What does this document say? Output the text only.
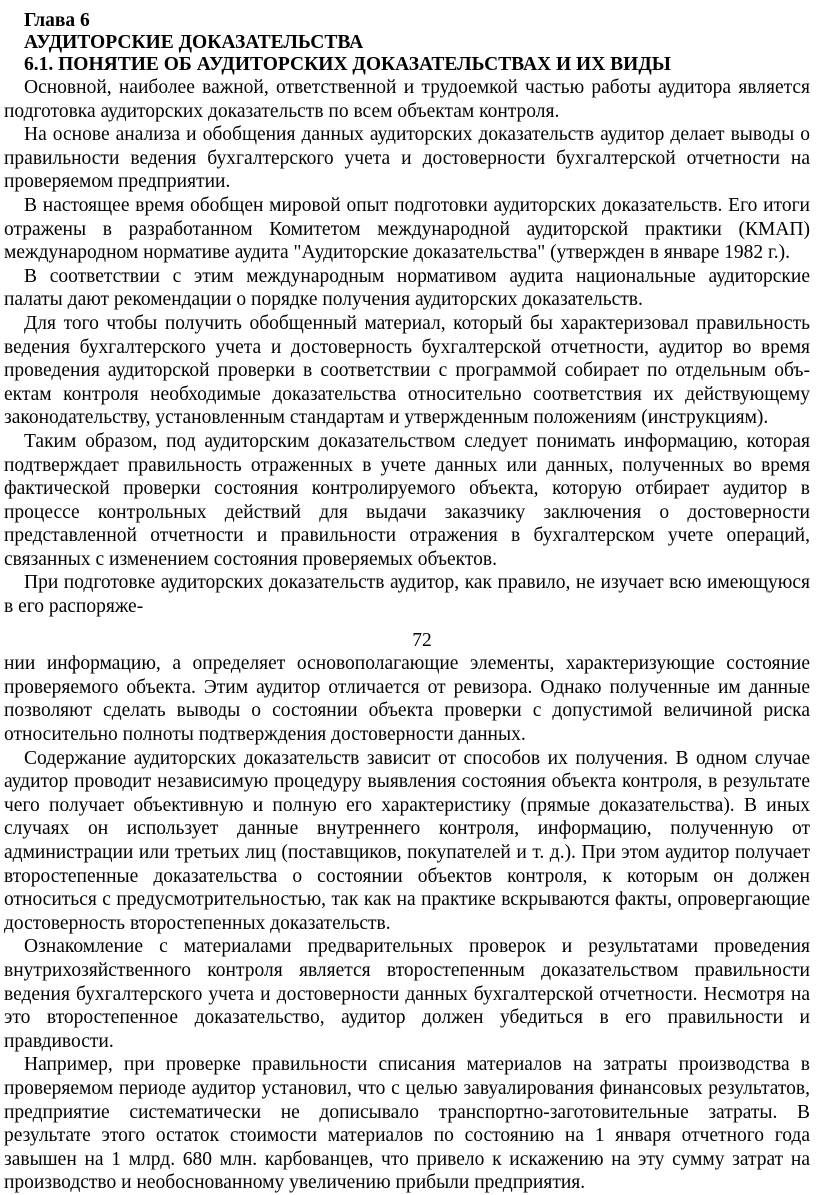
Глава 6
АУДИТОРСКИЕ ДОКАЗАТЕЛЬСТВА
6.1. ПОНЯТИЕ ОБ АУДИТОРСКИХ ДОКАЗАТЕЛЬСТВАХ И ИХ ВИДЫ

Основной, наиболее важной, ответственной и трудоемкой частью работы аудитора является подготовка аудиторских доказательств по всем объектам контроля.

На основе анализа и обобщения данных аудиторских доказательств аудитор делает выводы о правильности ведения бухгалтерского учета и достоверности бухгалтерской отчетности на проверяемом предприятии.

В настоящее время обобщен мировой опыт подготовки аудиторских доказательств. Его итоги отражены в разработанном Комитетом международной аудиторской практики (КМАП) международном нормативе аудита "Аудиторские доказательства" (утвержден в январе 1982 г.).

В соответствии с этим международным нормативом аудита национальные аудиторские палаты дают рекомендации о порядке получения аудиторских доказательств.

Для того чтобы получить обобщенный материал, который бы характеризовал правильность ведения бухгалтерского учета и достоверность бухгалтерской отчетности, аудитор во время проведения аудиторской проверки в соответствии с программой собирает по отдельным объ-ектам контроля необходимые доказательства относительно соответствия их действующему законодательству, установленным стандартам и утвержденным положениям (инструкциям).

Таким образом, под аудиторским доказательством следует понимать информацию, которая подтверждает правильность отраженных в учете данных или данных, полученных во время фактической проверки состояния контролируемого объекта, которую отбирает аудитор в процессе контрольных действий для выдачи заказчику заключения о достоверности представленной отчетности и правильности отражения в бухгалтерском учете операций, связанных с изменением состояния проверяемых объектов.

При подготовке аудиторских доказательств аудитор, как правило, не изучает всю имеющуюся в его распоряже-

72

нии информацию, а определяет основополагающие элементы, характеризующие состояние проверяемого объекта. Этим аудитор отличается от ревизора. Однако полученные им данные позволяют сделать выводы о состоянии объекта проверки с допустимой величиной риска относительно полноты подтверждения достоверности данных.

Содержание аудиторских доказательств зависит от способов их получения. В одном случае аудитор проводит независимую процедуру выявления состояния объекта контроля, в результате чего получает объективную и полную его характеристику (прямые доказательства). В иных случаях он использует данные внутреннего контроля, информацию, полученную от администрации или третьих лиц (поставщиков, покупателей и т. д.). При этом аудитор получает второстепенные доказательства о состоянии объектов контроля, к которым он должен относиться с предусмотрительностью, так как на практике вскрываются факты, опровергающие достоверность второстепенных доказательств.

Ознакомление с материалами предварительных проверок и результатами проведения внутрихозяйственного контроля является второстепенным доказательством правильности ведения бухгалтерского учета и достоверности данных бухгалтерской отчетности. Несмотря на это второстепенное доказательство, аудитор должен убедиться в его правильности и правдивости.

Например, при проверке правильности списания материалов на затраты производства в проверяемом периоде аудитор установил, что с целью завуалирования финансовых результатов, предприятие систематически не дописывало транспортно-заготовительные затраты. В результате этого остаток стоимости материалов по состоянию на 1 января отчетного года завышен на 1 млрд. 680 млн. карбованцев, что привело к искажению на эту сумму затрат на производство и необоснованному увеличению прибыли предприятия.
